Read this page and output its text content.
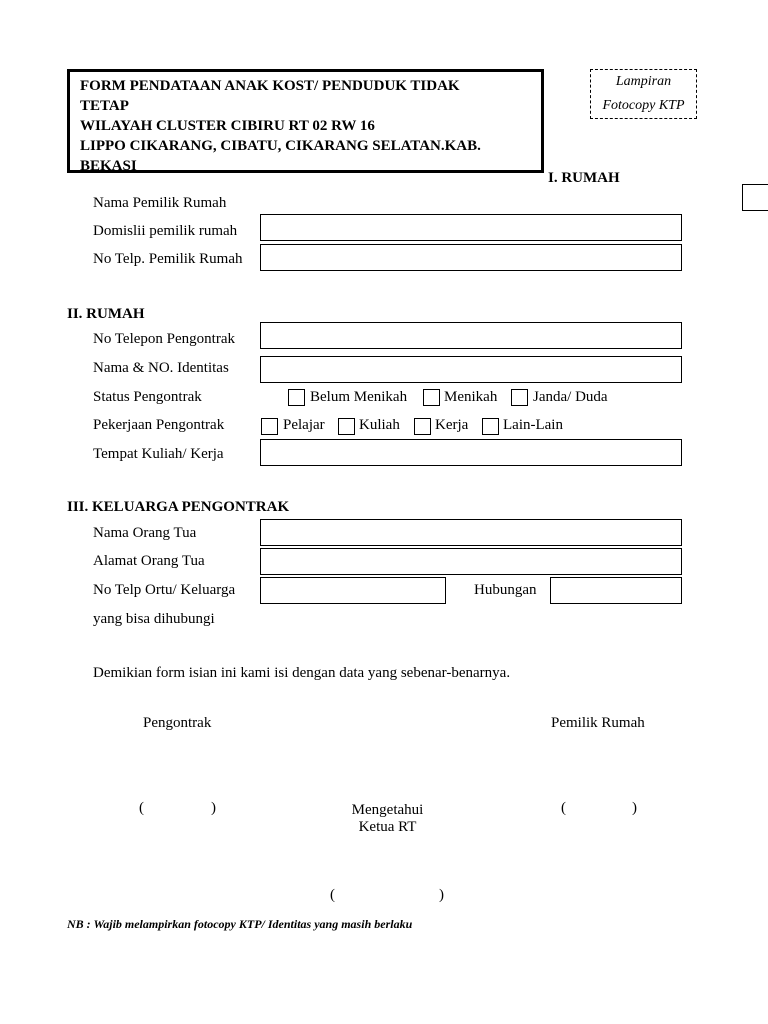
FORM PENDATAAN ANAK KOST/ PENDUDUK TIDAK
TETAP
WILAYAH CLUSTER CIBIRU RT 02 RW 16
LIPPO CIKARANG, CIBATU, CIKARANG SELATAN.KAB.
BEKASI
Lampiran
Fotocopy KTP
I. RUMAH
Nama Pemilik Rumah
Domislii pemilik rumah
No Telp. Pemilik Rumah
II. RUMAH
No Telepon Pengontrak
Nama & NO. Identitas
Status Pengontrak	Belum Menikah Menikah Janda/ Duda
Pekerjaan Pengontrak	Pelajar Kuliah Kerja Lain-Lain
Tempat Kuliah/ Kerja
III. KELUARGA PENGONTRAK
Nama Orang Tua
Alamat Orang Tua
No Telp Ortu/ Keluarga
yang bisa dihubungi
Hubungan
Demikian form isian ini kami isi dengan data yang sebenar-benarnya.
Pengontrak	Pemilik Rumah
(	)	Mengetahui
Ketua RT
(	)
(	)
NB : Wajib melampirkan fotocopy KTP/ Identitas yang masih berlaku
